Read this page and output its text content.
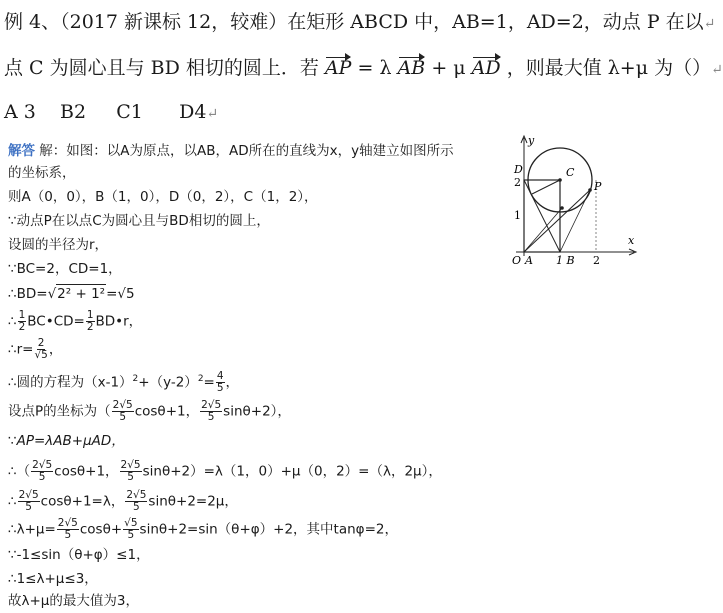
例 4、（2017 新课标 12，较难）在矩形 ABCD 中，AB=1，AD=2，动点 P 在以↵
点 C 为圆心且与 BD 相切的圆上．若 AP = λ AB + μ AD ，则最大值 λ+μ 为（）↵
A 3    B2     C1      D4↵
解答 解：如图：以A为原点，以AB，AD所在的直线为x，y轴建立如图所示
的坐标系，
则A（0，0），B（1，0），D（0，2），C（1，2），
∵动点P在以点C为圆心且与BD相切的圆上，
设圆的半径为r，
∵BC=2，CD=1，
∴BD=√2² + 1²=√5
∴ $\frac{1}{2}$ BC•CD= $\frac{1}{2}$ BD•r，
∴r= $\frac{2}{√5}$ ，
∴圆的方程为$(x-1)^2+(y-2)^2= \frac{4}{5}$ ，
设点P的坐标为（ $\frac{2√5}{5} \cos\theta+1$， $\frac{2√5}{5} \sin\theta+2$），
∵AP=λAB+μAD，
∴（ $\frac{2√5}{5} \cos\theta+1$， $\frac{2√5}{5} \sin\theta+2)=\lambda(1$，0）+μ（0，2）=（λ，2μ），
∴ $\frac{2√5}{5} \cos\theta+1=\lambda$， $\frac{2√5}{5} \sin\theta+2=2\mu$，
∴λ+μ= $\frac{2√5}{5} \cos\theta+ \frac{√5}{5} \sin\theta+2=\sin(\theta+\varphi)+2$，其中tanφ=2，
∵-1≤sin（θ+φ）≤1，
∴1≤λ+μ≤3，
故λ+μ的最大值为3，
D	C
P
2
1
O A 1 B 2
x
y
